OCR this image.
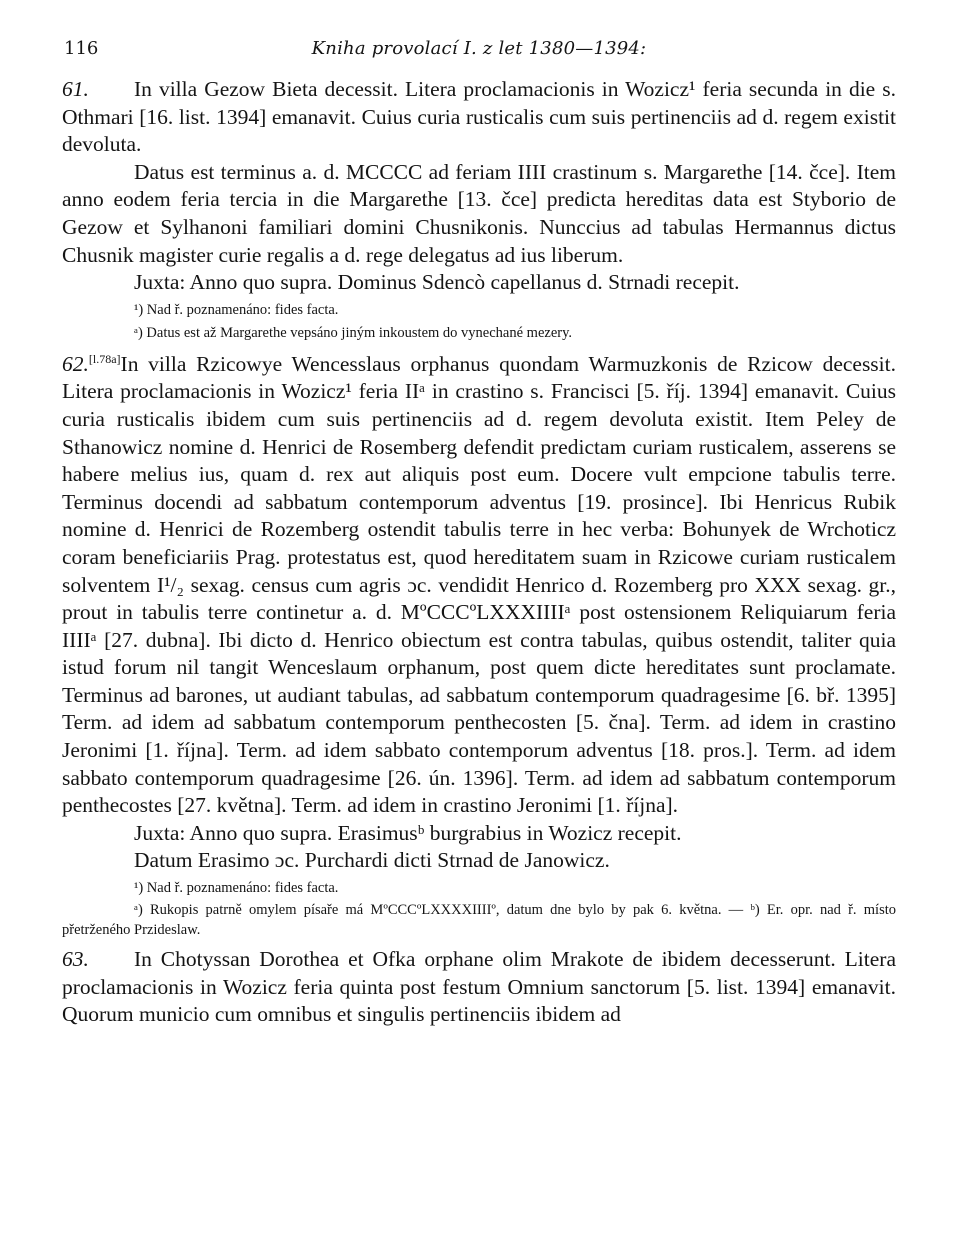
116	Kniha provolací I. z let 1380—1394:

61. In villa Gezow Bieta decessit. Litera proclamacionis in Wozicz¹ feria secunda in die s. Othmari [16. list. 1394] emanavit. Cuius curia rusticalis cum suis pertinenciis ad d. regem existit devoluta.

Datus est terminus a. d. MCCCC ad feriam IIII crastinum s. Margarethe [14. čce]. Item anno eodem feria tercia in die Margarethe [13. čce] predicta hereditas data est Styborio de Gezow et Sylhanoni familiari domini Chusnikonis. Nunccius ad tabulas Hermannus dictus Chusnik magister curie regalis a d. rege delegatus ad ius liberum.

Juxta: Anno quo supra. Dominus Sdencò capellanus d. Strnadi recepit.

¹) Nad ř. poznamenáno: fides facta.

ᵃ) Datus est až Margarethe vepsáno jiným inkoustem do vynechané mezery.

62.[l.78a]In villa Rzicowye Wencesslaus orphanus quondam Warmuzkonis de Rzicow decessit. Litera proclamacionis in Wozicz¹ feria IIᵃ in crastino s. Francisci [5. říj. 1394] emanavit. Cuius curia rusticalis ibidem cum suis pertinenciis ad d. regem devoluta existit. Item Peley de Sthanowicz nomine d. Henrici de Rosemberg defendit predictam curiam rusticalem, asserens se habere melius ius, quam d. rex aut aliquis post eum. Docere vult empcione tabulis terre. Terminus docendi ad sabbatum contemporum adventus [19. prosince]. Ibi Henricus Rubik nomine d. Henrici de Rozemberg ostendit tabulis terre in hec verba: Bohunyek de Wrchoticz coram beneficiariis Prag. protestatus est, quod hereditatem suam in Rzicowe curiam rusticalem solventem I¹/₂ sexag. census cum agris ɔc. vendidit Henrico d. Rozemberg pro XXX sexag. gr., prout in tabulis terre continetur a. d. MºCCCºLXXXIIIIᵃ post ostensionem Reliquiarum feria IIIIᵃ [27. dubna]. Ibi dicto d. Henrico obiectum est contra tabulas, quibus ostendit, taliter quia istud forum nil tangit Wenceslaum orphanum, post quem dicte hereditates sunt proclamate. Terminus ad barones, ut audiant tabulas, ad sabbatum contemporum quadragesime [6. bř. 1395] Term. ad idem ad sabbatum contemporum penthecosten [5. čna]. Term. ad idem in crastino Jeronimi [1. října]. Term. ad idem sabbato contemporum adventus [18. pros.]. Term. ad idem sabbato contemporum quadragesime [26. ún. 1396]. Term. ad idem ad sabbatum contemporum penthecostes [27. května]. Term. ad idem in crastino Jeronimi [1. října].

Juxta: Anno quo supra. Erasimusᵇ burgrabius in Wozicz recepit.

Datum Erasimo ɔc. Purchardi dicti Strnad de Janowicz.

¹) Nad ř. poznamenáno: fides facta.

ᵃ) Rukopis patrně omylem písaře má MºCCCºLXXXXIIIIº, datum dne bylo by pak 6. května. — ᵇ) Er. opr. nad ř. místo přetrženého Przideslaw.

63. In Chotyssan Dorothea et Ofka orphane olim Mrakote de ibidem decesserunt. Litera proclamacionis in Wozicz feria quinta post festum Omnium sanctorum [5. list. 1394] emanavit. Quorum municio cum omnibus et singulis pertinenciis ibidem ad
